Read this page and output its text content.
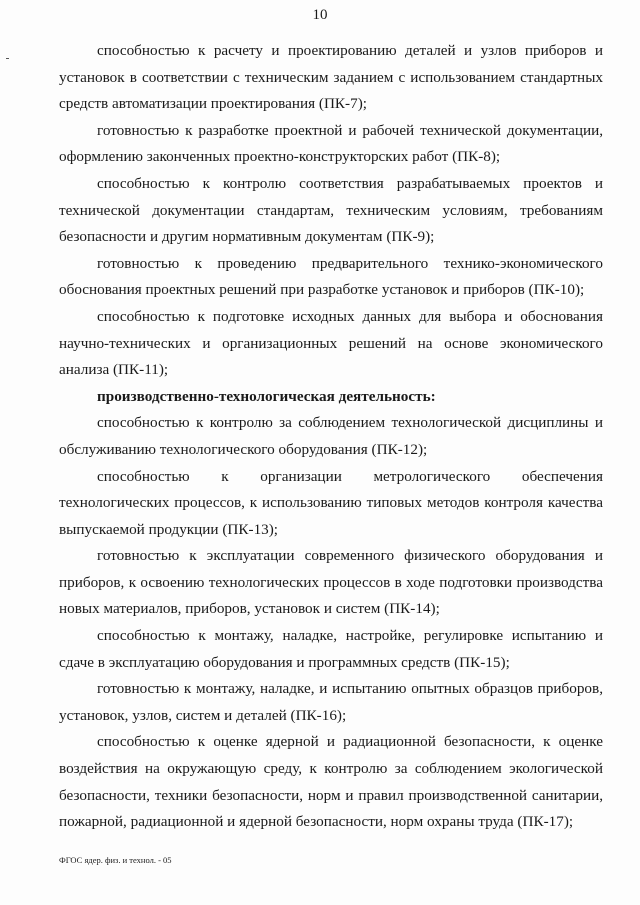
10

способностью к расчету и проектированию деталей и узлов приборов и установок в соответствии с техническим заданием с использованием стандартных средств автоматизации проектирования (ПК-7);

готовностью к разработке проектной и рабочей технической документации, оформлению законченных проектно-конструкторских работ (ПК-8);

способностью к контролю соответствия разрабатываемых проектов и технической документации стандартам, техническим условиям, требованиям безопасности и другим нормативным документам (ПК-9);

готовностью к проведению предварительного технико-экономического обоснования проектных решений при разработке установок и приборов (ПК-10);

способностью к подготовке исходных данных для выбора и обоснования научно-технических и организационных решений на основе экономического анализа (ПК-11);

производственно-технологическая деятельность:

способностью к контролю за соблюдением технологической дисциплины и обслуживанию технологического оборудования (ПК-12);

способностью к организации метрологического обеспечения технологических процессов, к использованию типовых методов контроля качества выпускаемой продукции (ПК-13);

готовностью к эксплуатации современного физического оборудования и приборов, к освоению технологических процессов в ходе подготовки производства новых материалов, приборов, установок и систем (ПК-14);

способностью к монтажу, наладке, настройке, регулировке испытанию и сдаче в эксплуатацию оборудования и программных средств (ПК-15);

готовностью к монтажу, наладке, и испытанию опытных образцов приборов, установок, узлов, систем и деталей (ПК-16);

способностью к оценке ядерной и радиационной безопасности, к оценке воздействия на окружающую среду, к контролю за соблюдением экологической безопасности, техники безопасности, норм и правил производственной санитарии, пожарной, радиационной и ядерной безопасности, норм охраны труда (ПК-17);

ФГОС ядер. физ. и технол. - 05
